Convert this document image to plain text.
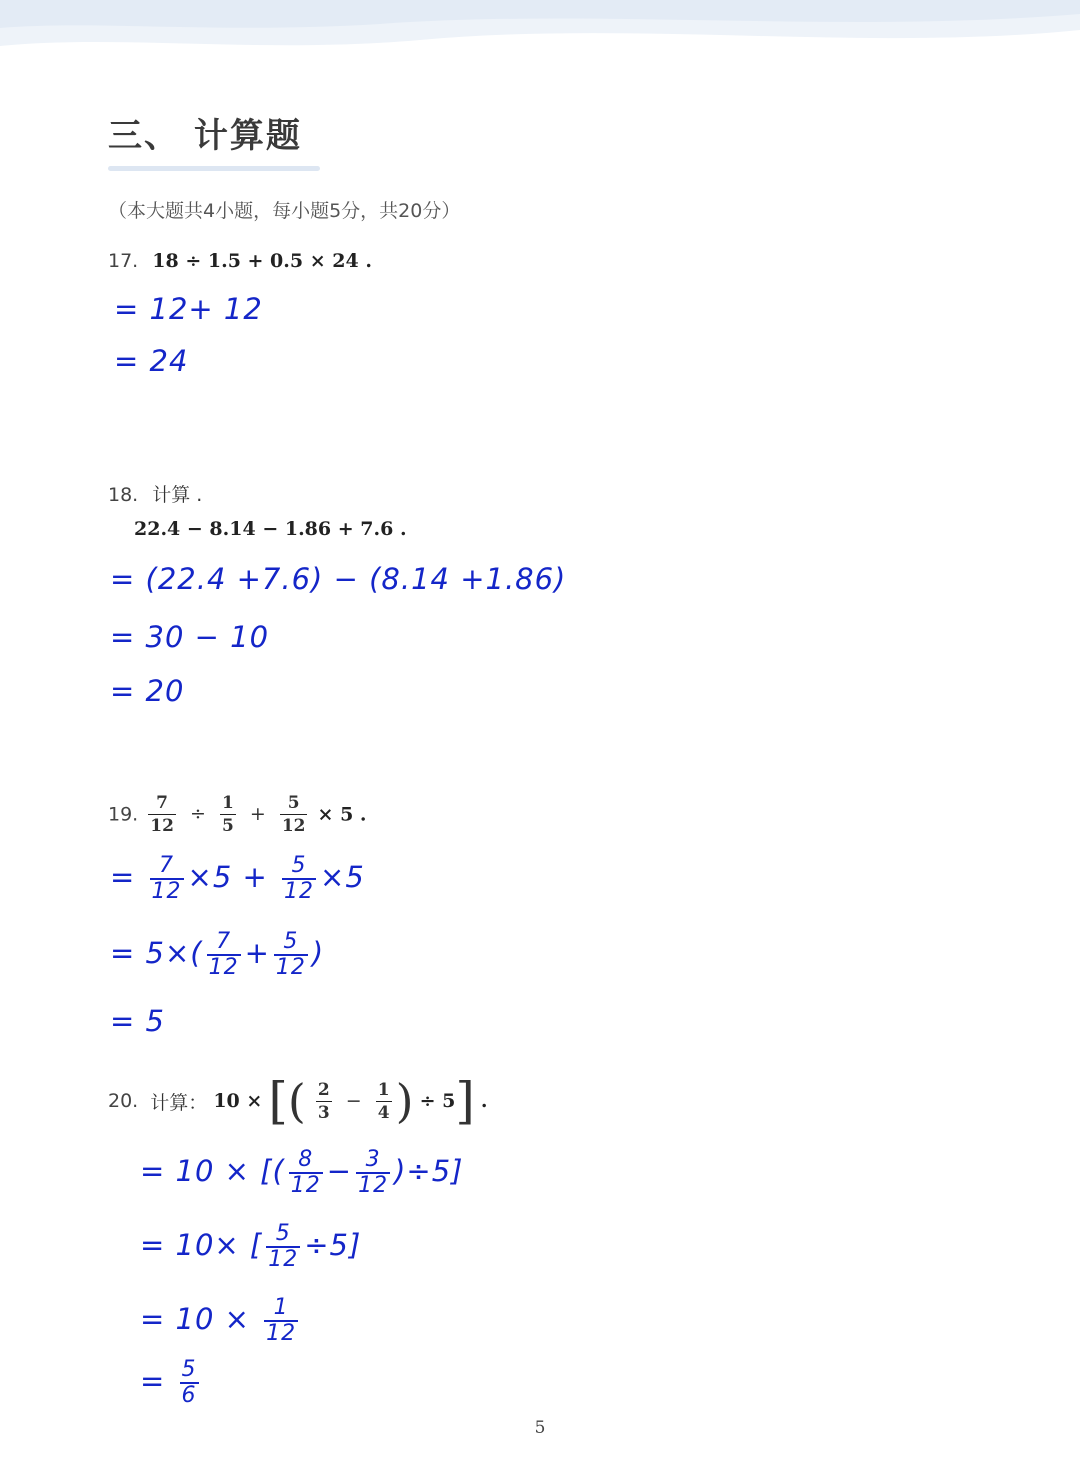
三、 计算题
（本大题共4小题，每小题5分，共20分）
17. 18 ÷ 1.5 + 0.5 × 24 .
= 12+ 12
= 24
18. 计算 .
22.4 − 8.14 − 1.86 + 7.6 .
= (22.4 +7.6) − (8.14 +1.86)
= 30 − 10
= 20
19. $\frac{7}{12} \div \frac{1}{5} + \frac{5}{12} \times 5$ .
= $\frac{7}{12} \times 5 + \frac{5}{12} \times 5$
= $5\times( \frac{7}{12} + \frac{5}{12}$ )
= 5
20. 计算： 10 × [( $\frac{2}{3} - \frac{1}{4}$ ) ÷ 5] .
= 10 × [( $\frac{8}{12} - \frac{3}{12} )\div 5$]
= 10× [ $\frac{5}{12} \div 5$]
= $10 \times \frac{1}{12}$
= $\frac{5}{6}$
5
